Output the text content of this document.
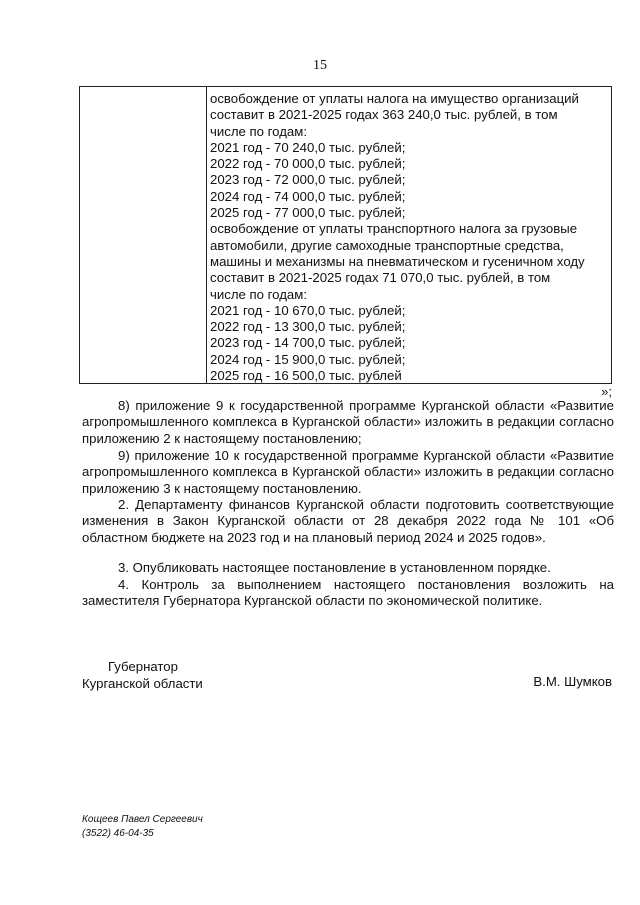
15
освобождение от уплаты налога на имущество организаций
составит в 2021-2025 годах 363 240,0 тыс. рублей, в том
числе по годам:
2021 год - 70 240,0 тыс. рублей;
2022 год - 70 000,0 тыс. рублей;
2023 год - 72 000,0 тыс. рублей;
2024 год - 74 000,0 тыс. рублей;
2025 год - 77 000,0 тыс. рублей;
освобождение от уплаты транспортного налога за грузовые
автомобили, другие самоходные транспортные средства,
машины и механизмы на пневматическом и гусеничном ходу
составит в 2021-2025 годах 71 070,0 тыс. рублей, в том
числе по годам:
2021 год - 10 670,0 тыс. рублей;
2022 год - 13 300,0 тыс. рублей;
2023 год - 14 700,0 тыс. рублей;
2024 год - 15 900,0 тыс. рублей;
2025 год - 16 500,0 тыс. рублей
»;
8) приложение 9 к государственной программе Курганской области «Развитие агропромышленного комплекса в Курганской области» изложить в редакции согласно приложению 2 к настоящему постановлению;
9) приложение 10 к государственной программе Курганской области «Развитие агропромышленного комплекса в Курганской области» изложить в редакции согласно приложению 3 к настоящему постановлению.
2. Департаменту финансов Курганской области подготовить соответствующие изменения в Закон Курганской области от 28 декабря 2022 года № 101 «Об областном бюджете на 2023 год и на плановый период 2024 и 2025 годов».
3. Опубликовать настоящее постановление в установленном порядке.
4. Контроль за выполнением настоящего постановления возложить на заместителя Губернатора Курганской области по экономической политике.
Губернатор
Курганской области	В.М. Шумков
Кощеев Павел Сергеевич
(3522) 46-04-35
